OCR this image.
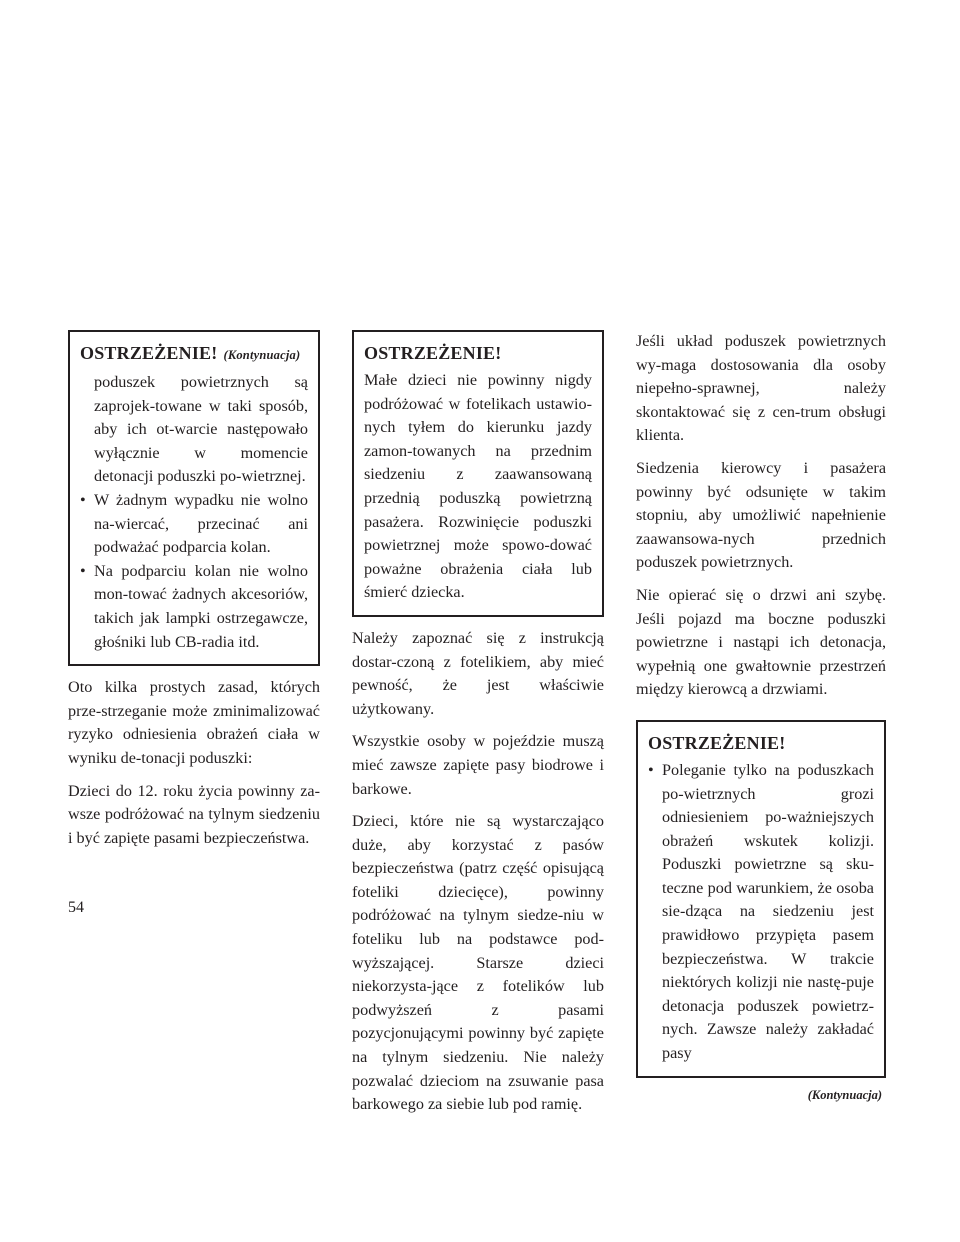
OSTRZEŻENIE! (Kontynuacja)

poduszek powietrznych są zaprojek-towane w taki sposób, aby ich ot-warcie następowało wyłącznie w momencie detonacji poduszki po-wietrznej.

• W żadnym wypadku nie wolno na-wiercać, przecinać ani podważać podparcia kolan.
• Na podparciu kolan nie wolno mon-tować żadnych akcesoriów, takich jak lampki ostrzegawcze, głośniki lub CB-radia itd.

Oto kilka prostych zasad, których prze-strzeganie może zminimalizować ryzyko odniesienia obrażeń ciała w wyniku de-tonacji poduszki:

Dzieci do 12. roku życia powinny za-wsze podróżować na tylnym siedzeniu i być zapięte pasami bezpieczeństwa.

OSTRZEŻENIE!

Małe dzieci nie powinny nigdy podróżować w fotelikach ustawio-nych tyłem do kierunku jazdy zamon-towanych na przednim siedzeniu z zaawansowaną przednią poduszką powietrzną pasażera. Rozwinięcie poduszki powietrznej może spowo-dować poważne obrażenia ciała lub śmierć dziecka.

Należy zapoznać się z instrukcją dostar-czoną z fotelikiem, aby mieć pewność, że jest właściwie użytkowany.

Wszystkie osoby w pojeździe muszą mieć zawsze zapięte pasy biodrowe i barkowe.

Dzieci, które nie są wystarczająco duże, aby korzystać z pasów bezpieczeństwa (patrz część opisującą foteliki dziecięce), powinny podróżować na tylnym siedze-niu w foteliku lub na podstawce pod-wyższającej. Starsze dzieci niekorzysta-jące z fotelików lub podwyższeń z pasami pozycjonującymi powinny być zapięte na tylnym siedzeniu. Nie należy pozwalać dzieciom na zsuwanie pasa barkowego za siebie lub pod ramię.

Jeśli układ poduszek powietrznych wy-maga dostosowania dla osoby niepełno-sprawnej, należy skontaktować się z cen-trum obsługi klienta.

Siedzenia kierowcy i pasażera powinny być odsunięte w takim stopniu, aby umożliwić napełnienie zaawansowa-nych przednich poduszek powietrznych.

Nie opierać się o drzwi ani szybę. Jeśli pojazd ma boczne poduszki powietrzne i nastąpi ich detonacja, wypełnią one gwałtownie przestrzeń między kierowcą a drzwiami.

OSTRZEŻENIE!
• Poleganie tylko na poduszkach po-wietrznych grozi odniesieniem po-ważniejszych obrażeń wskutek kolizji. Poduszki powietrzne są sku-teczne pod warunkiem, że osoba sie-dząca na siedzeniu jest prawidłowo przypięta pasem bezpieczeństwa. W trakcie niektórych kolizji nie nastę-puje detonacja poduszek powietrz-nych. Zawsze należy zakładać pasy
(Kontynuacja)
54
